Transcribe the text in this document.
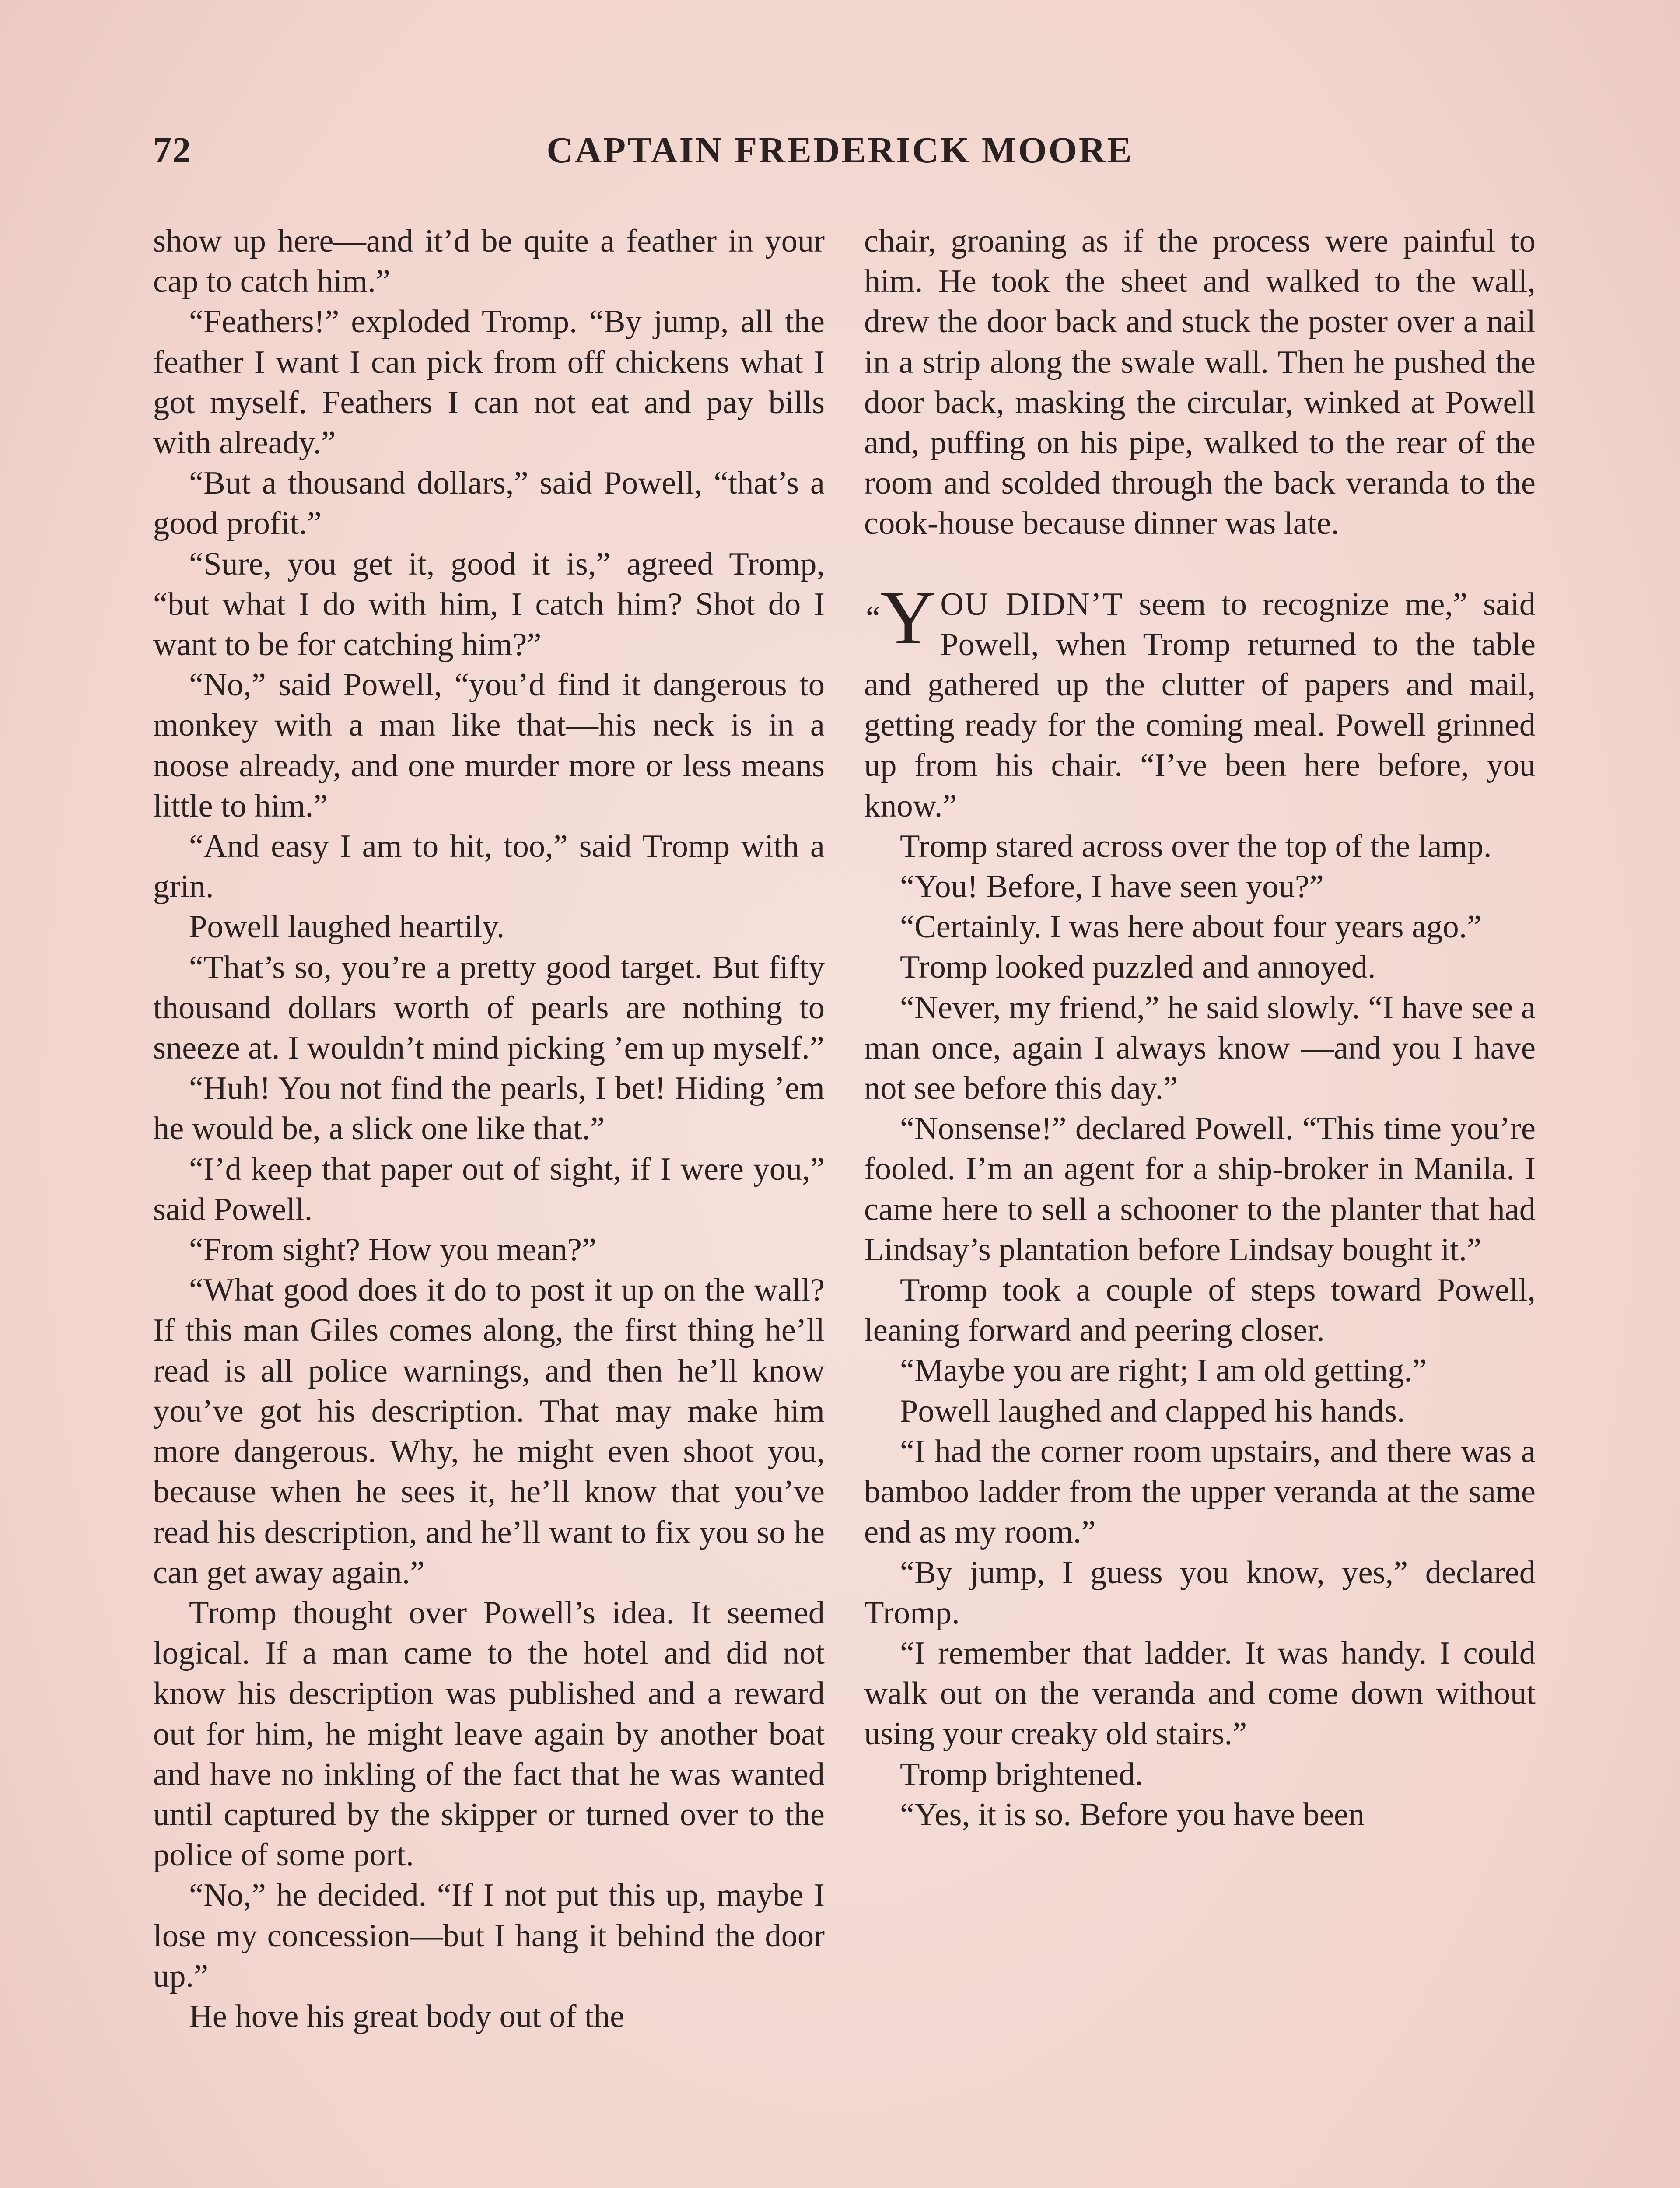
72	CAPTAIN FREDERICK MOORE

show up here—and it’d be quite a feather in your cap to catch him.”

“Feathers!” exploded Tromp. “By jump, all the feather I want I can pick from off chickens what I got myself. Feathers I can not eat and pay bills with already.”

“But a thousand dollars,” said Powell, “that’s a good profit.”

“Sure, you get it, good it is,” agreed Tromp, “but what I do with him, I catch him? Shot do I want to be for catching him?”

“No,” said Powell, “you’d find it dangerous to monkey with a man like that—his neck is in a noose already, and one murder more or less means little to him.”

“And easy I am to hit, too,” said Tromp with a grin.

Powell laughed heartily.

“That’s so, you’re a pretty good target. But fifty thousand dollars worth of pearls are nothing to sneeze at. I wouldn’t mind picking ’em up myself.”

“Huh! You not find the pearls, I bet! Hiding ’em he would be, a slick one like that.”

“I’d keep that paper out of sight, if I were you,” said Powell.

“From sight? How you mean?”

“What good does it do to post it up on the wall? If this man Giles comes along, the first thing he’ll read is all police warnings, and then he’ll know you’ve got his description. That may make him more dangerous. Why, he might even shoot you, because when he sees it, he’ll know that you’ve read his description, and he’ll want to fix you so he can get away again.”

Tromp thought over Powell’s idea. It seemed logical. If a man came to the hotel and did not know his description was published and a reward out for him, he might leave again by another boat and have no inkling of the fact that he was wanted until captured by the skipper or turned over to the police of some port.

“No,” he decided. “If I not put this up, maybe I lose my concession—but I hang it behind the door up.”

He hove his great body out of the

chair, groaning as if the process were painful to him. He took the sheet and walked to the wall, drew the door back and stuck the poster over a nail in a strip along the swale wall. Then he pushed the door back, masking the circular, winked at Powell and, puffing on his pipe, walked to the rear of the room and scolded through the back veranda to the cook-house because dinner was late.

“Y OU DIDN’T seem to recognize me,” said Powell, when Tromp returned to the table and gathered up the clutter of papers and mail, getting ready for the coming meal. Powell grinned up from his chair. “I’ve been here before, you know.”

Tromp stared across over the top of the lamp.

“You! Before, I have seen you?”

“Certainly. I was here about four years ago.”

Tromp looked puzzled and annoyed.

“Never, my friend,” he said slowly. “I have see a man once, again I always know —and you I have not see before this day.”

“Nonsense!” declared Powell. “This time you’re fooled. I’m an agent for a ship-broker in Manila. I came here to sell a schooner to the planter that had Lindsay’s plantation before Lindsay bought it.”

Tromp took a couple of steps toward Powell, leaning forward and peering closer.

“Maybe you are right; I am old getting.”

Powell laughed and clapped his hands.

“I had the corner room upstairs, and there was a bamboo ladder from the upper veranda at the same end as my room.”

“By jump, I guess you know, yes,” declared Tromp.

“I remember that ladder. It was handy. I could walk out on the veranda and come down without using your creaky old stairs.”

Tromp brightened.

“Yes, it is so. Before you have been
